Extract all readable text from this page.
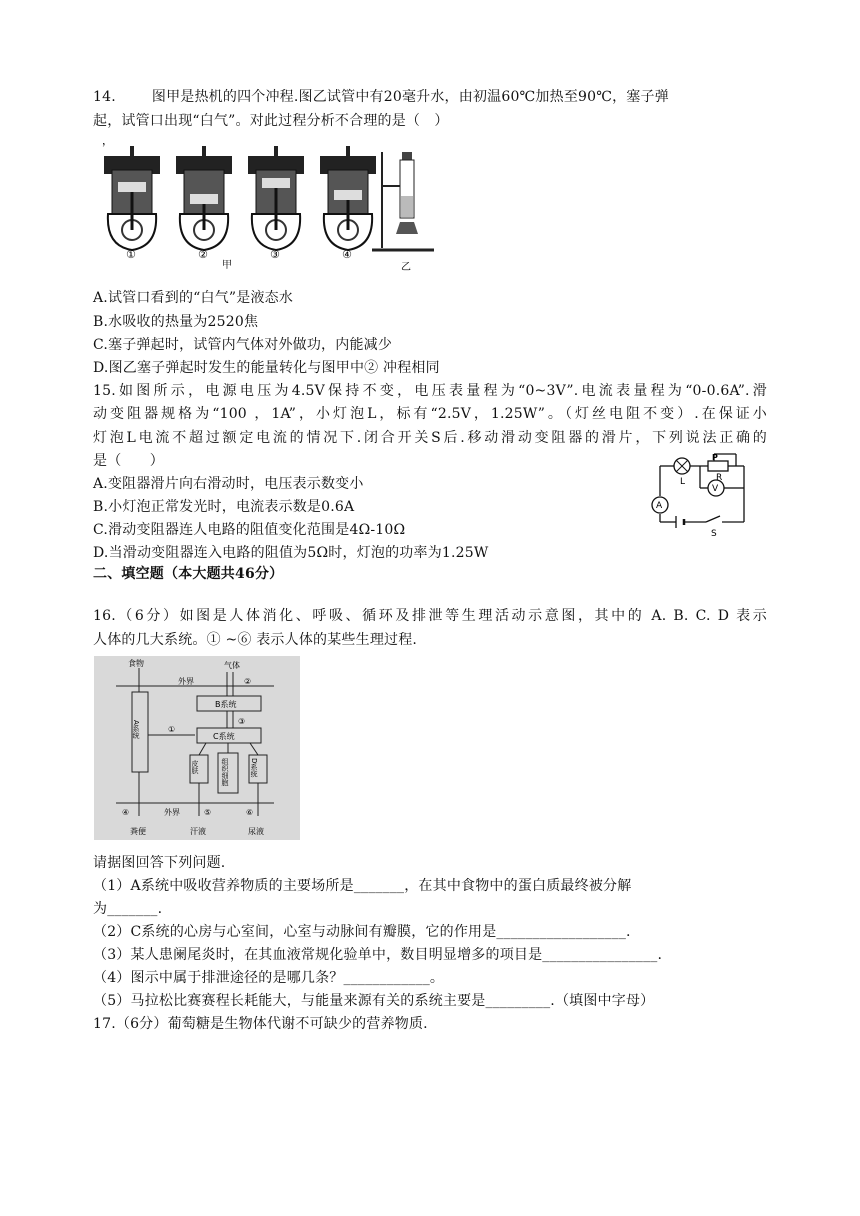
14.	图甲是热机的四个冲程.图乙试管中有20毫升水，由初温60℃加热至90℃，塞子弹
起，试管口出现“白气”。对此过程分析不合理的是（　）
，
①	②	③	④
甲	乙
A.试管口看到的“白气”是液态水
B.水吸收的热量为2520焦
C.塞子弹起时，试管内气体对外做功，内能减少
D.图乙塞子弹起时发生的能量转化与图甲中② 冲程相同
15.如图所示，电源电压为4.5V保持不变，电压表量程为“0~3V”.电流表量程为“0-0.6A”.滑
动变阻器规格为“100 ，1A”，小灯泡L，标有“2.5V，1.25W”。（灯丝电阻不变）.在保证小
灯泡L电流不超过额定电流的情况下.闭合开关S后.移动滑动变阻器的滑片，下列说法正确的
是（　　）
A.变阻器滑片向右滑动时，电压表示数变小
B.小灯泡正常发光时，电流表示数是0.6A
C.滑动变阻器连人电路的阻值变化范围是4Ω-10Ω
D.当滑动变阻器连入电路的阻值为5Ω时，灯泡的功率为1.25W
P
R
L
V
A
S
二、填空题（本大题共46分）
16.（6分）如图是人体消化、呼吸、循环及排泄等生理活动示意图，其中的 A. B. C. D 表示
人体的几大系统。① ~⑥ 表示人体的某些生理过程.
食物
外界
气体
②
B系统
③
①
A系统	C系统
皮肤	组织细胞	D系统
④	外界	⑤	⑥
粪便	汗液	尿液
请据图回答下列问题.
（1）A系统中吸收营养物质的主要场所是_______，在其中食物中的蛋白质最终被分解
为_______.
（2）C系统的心房与心室间，心室与动脉间有瓣膜，它的作用是__________________.
（3）某人患阑尾炎时，在其血液常规化验单中，数目明显增多的项目是________________.
（4）图示中属于排泄途径的是哪几条？____________。
（5）马拉松比赛赛程长耗能大，与能量来源有关的系统主要是_________.（填图中字母）
17.（6分）葡萄糖是生物体代谢不可缺少的营养物质.
